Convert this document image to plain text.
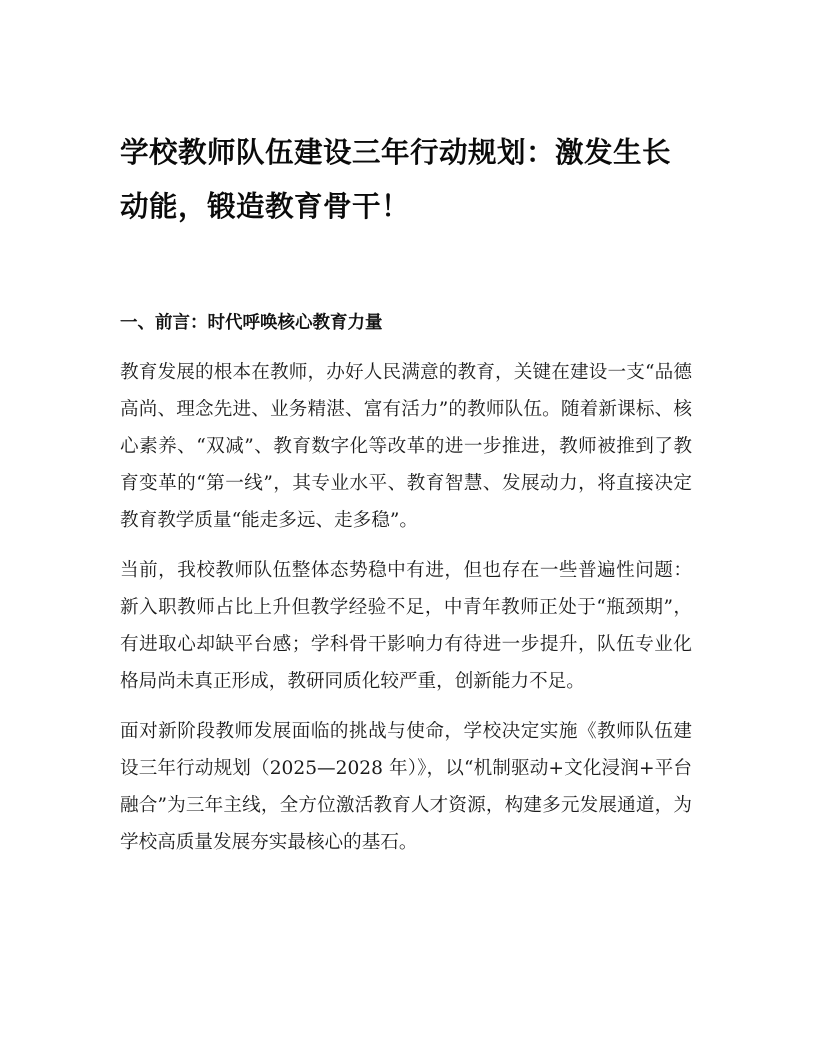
学校教师队伍建设三年行动规划：激发生长动能，锻造教育骨干！
一、前言：时代呼唤核心教育力量

教育发展的根本在教师，办好人民满意的教育，关键在建设一支“品德高尚、理念先进、业务精湛、富有活力”的教师队伍。随着新课标、核心素养、“双减”、教育数字化等改革的进一步推进，教师被推到了教育变革的“第一线”，其专业水平、教育智慧、发展动力，将直接决定教育教学质量“能走多远、走多稳”。

当前，我校教师队伍整体态势稳中有进，但也存在一些普遍性问题：新入职教师占比上升但教学经验不足，中青年教师正处于“瓶颈期”，有进取心却缺平台感；学科骨干影响力有待进一步提升，队伍专业化格局尚未真正形成，教研同质化较严重，创新能力不足。

面对新阶段教师发展面临的挑战与使命，学校决定实施《教师队伍建设三年行动规划（2025—2028 年）》，以“机制驱动+文化浸润+平台融合”为三年主线，全方位激活教育人才资源，构建多元发展通道，为学校高质量发展夯实最核心的基石。
